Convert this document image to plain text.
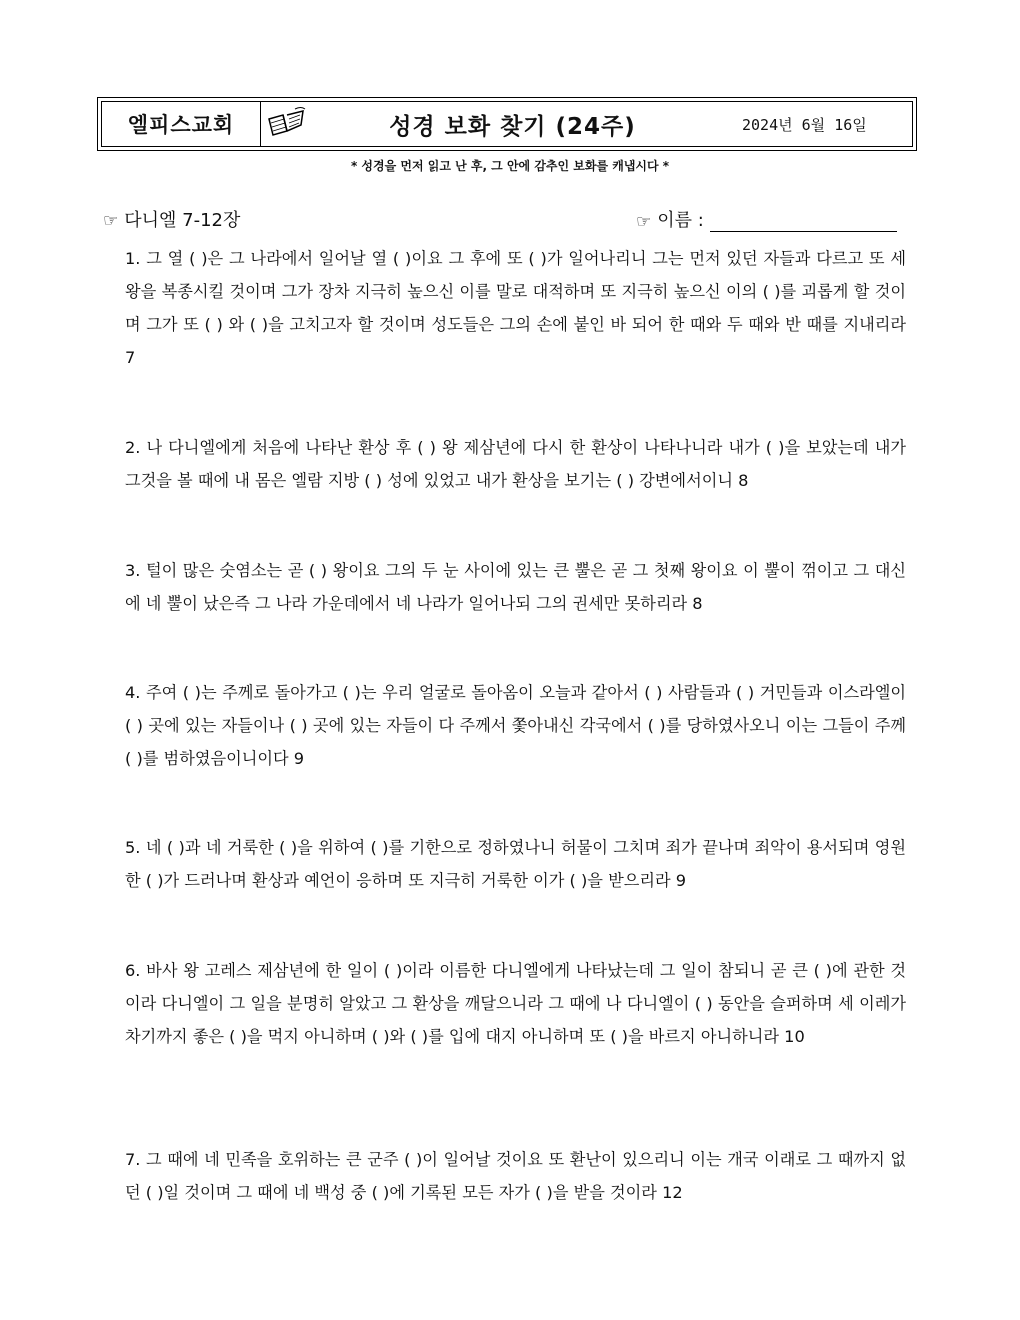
엘피스교회	성경 보화 찾기 (24주)	2024년 6월 16일
* 성경을 먼저 읽고 난 후, 그 안에 감추인 보화를 캐냅시다 *
☞ 다니엘 7-12장	☞ 이름 :
1. 그 열 ( )은 그 나라에서 일어날 열 ( )이요 그 후에 또 ( )가 일어나리니 그는 먼저 있던 자들과 다르고 또 세 왕을 복종시킬 것이며 그가 장차 지극히 높으신 이를 말로 대적하며 또 지극히 높으신 이의 ( )를 괴롭게 할 것이며 그가 또 ( ) 와 ( )을 고치고자 할 것이며 성도들은 그의 손에 붙인 바 되어 한 때와 두 때와 반 때를 지내리라 7
2. 나 다니엘에게 처음에 나타난 환상 후 ( ) 왕 제삼년에 다시 한 환상이 나타나니라 내가 ( )을 보았는데 내가 그것을 볼 때에 내 몸은 엘람 지방 ( ) 성에 있었고 내가 환상을 보기는 ( ) 강변에서이니 8
3. 털이 많은 숫염소는 곧 ( ) 왕이요 그의 두 눈 사이에 있는 큰 뿔은 곧 그 첫째 왕이요 이 뿔이 꺾이고 그 대신에 네 뿔이 났은즉 그 나라 가운데에서 네 나라가 일어나되 그의 권세만 못하리라 8
4. 주여 ( )는 주께로 돌아가고 ( )는 우리 얼굴로 돌아옴이 오늘과 같아서 ( ) 사람들과 ( ) 거민들과 이스라엘이 ( ) 곳에 있는 자들이나 ( ) 곳에 있는 자들이 다 주께서 쫓아내신 각국에서 ( )를 당하였사오니 이는 그들이 주께 ( )를 범하였음이니이다 9
5. 네 ( )과 네 거룩한 ( )을 위하여 ( )를 기한으로 정하였나니 허물이 그치며 죄가 끝나며 죄악이 용서되며 영원한 ( )가 드러나며 환상과 예언이 응하며 또 지극히 거룩한 이가 ( )을 받으리라 9
6. 바사 왕 고레스 제삼년에 한 일이 ( )이라 이름한 다니엘에게 나타났는데 그 일이 참되니 곧 큰 ( )에 관한 것이라 다니엘이 그 일을 분명히 알았고 그 환상을 깨달으니라 그 때에 나 다니엘이 ( ) 동안을 슬퍼하며 세 이레가 차기까지 좋은 ( )을 먹지 아니하며 ( )와 ( )를 입에 대지 아니하며 또 ( )을 바르지 아니하니라 10
7. 그 때에 네 민족을 호위하는 큰 군주 ( )이 일어날 것이요 또 환난이 있으리니 이는 개국 이래로 그 때까지 없던 ( )일 것이며 그 때에 네 백성 중 ( )에 기록된 모든 자가 ( )을 받을 것이라 12
